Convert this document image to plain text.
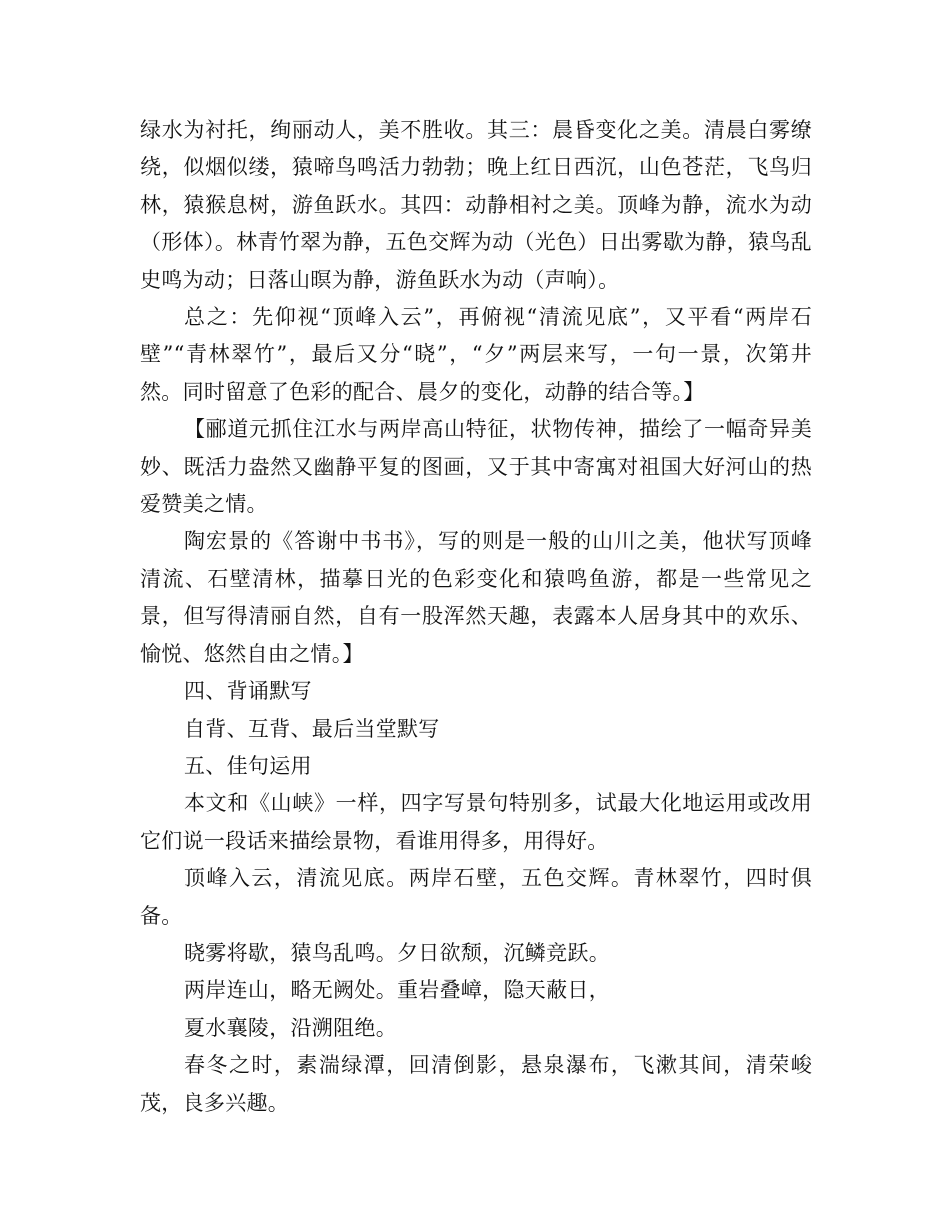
绿水为衬托，绚丽动人，美不胜收。其三：晨昏变化之美。清晨白雾缭绕，似烟似缕，猿啼鸟鸣活力勃勃；晚上红日西沉，山色苍茫，飞鸟归林，猿猴息树，游鱼跃水。其四：动静相衬之美。顶峰为静，流水为动（形体）。林青竹翠为静，五色交辉为动（光色）日出雾歇为静，猿鸟乱史鸣为动；日落山暝为静，游鱼跃水为动（声响）。

总之：先仰视“顶峰入云”，再俯视“清流见底”，又平看“两岸石壁”“青林翠竹”，最后又分“晓”，“夕”两层来写，一句一景，次第井然。同时留意了色彩的配合、晨夕的变化，动静的结合等。】

【郦道元抓住江水与两岸高山特征，状物传神，描绘了一幅奇异美妙、既活力盎然又幽静平复的图画，又于其中寄寓对祖国大好河山的热爱赞美之情。

陶宏景的《答谢中书书》，写的则是一般的山川之美，他状写顶峰清流、石壁清林，描摹日光的色彩变化和猿鸣鱼游，都是一些常见之景，但写得清丽自然，自有一股浑然天趣，表露本人居身其中的欢乐、愉悦、悠然自由之情。】

四、背诵默写

自背、互背、最后当堂默写

五、佳句运用

本文和《山峡》一样，四字写景句特别多，试最大化地运用或改用它们说一段话来描绘景物，看谁用得多，用得好。

顶峰入云，清流见底。两岸石壁，五色交辉。青林翠竹，四时俱备。

晓雾将歇，猿鸟乱鸣。夕日欲颓，沉鳞竞跃。

两岸连山，略无阙处。重岩叠嶂，隐天蔽日，

夏水襄陵，沿溯阻绝。

春冬之时，素湍绿潭，回清倒影，悬泉瀑布，飞漱其间，清荣峻茂，良多兴趣。
